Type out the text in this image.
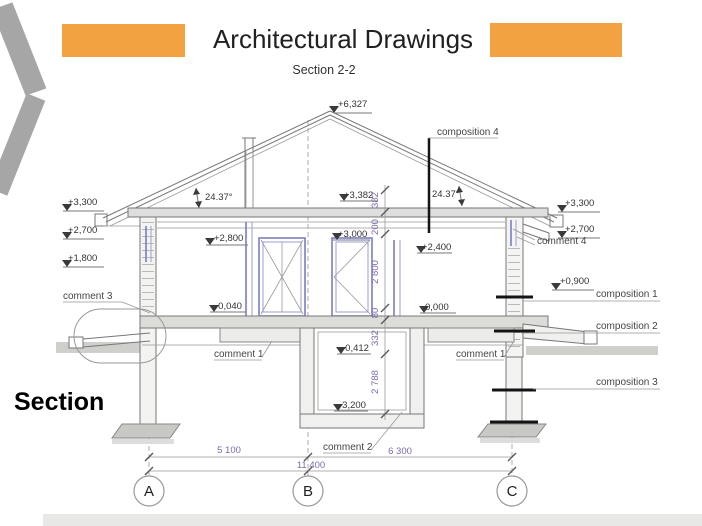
Architectural Drawings
Section 2-2
Section
+6,327
+3,300
+2,700
+1,800
+3,300
+2,700
+0,900
+3,382
+2,800	+3,000
+2,400
-0,040	0,000
-0,412
-3,200
24.37°	24.37°
composition 4
comment 4
comment 3
comment 1	comment 1
comment 2
composition 1
composition 2
composition 3
382
200
2 800
80
332
2 788
5 100	6 300
11 400
A	B	C
